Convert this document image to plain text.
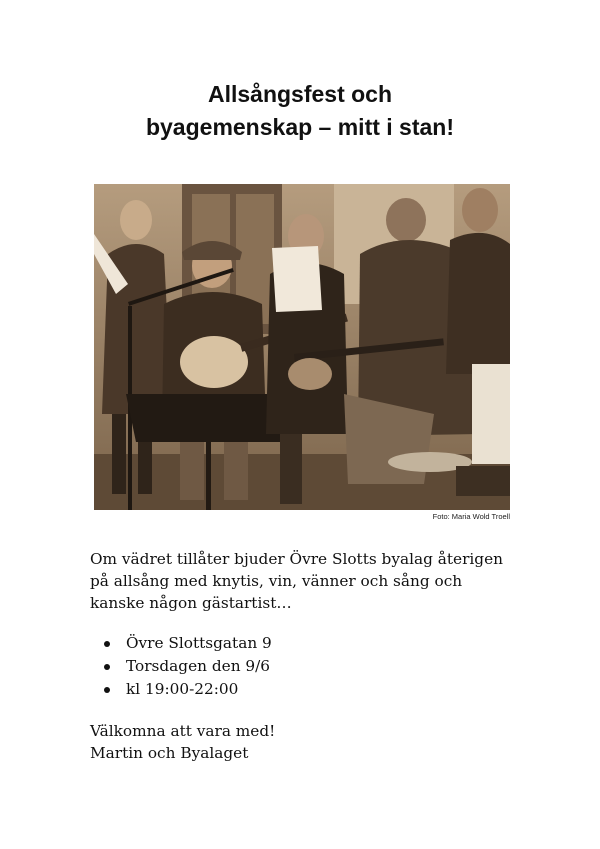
Allsångsfest och
byagemenskap – mitt i stan!
Foto: Maria Wold Troell

Om vädret tillåter bjuder Övre Slotts byalag återigen på allsång med knytis, vin, vänner och sång och kanske någon gästartist…

Övre Slottsgatan 9
Torsdagen den 9/6
kl 19:00-22:00

Välkomna att vara med!
Martin och Byalaget
